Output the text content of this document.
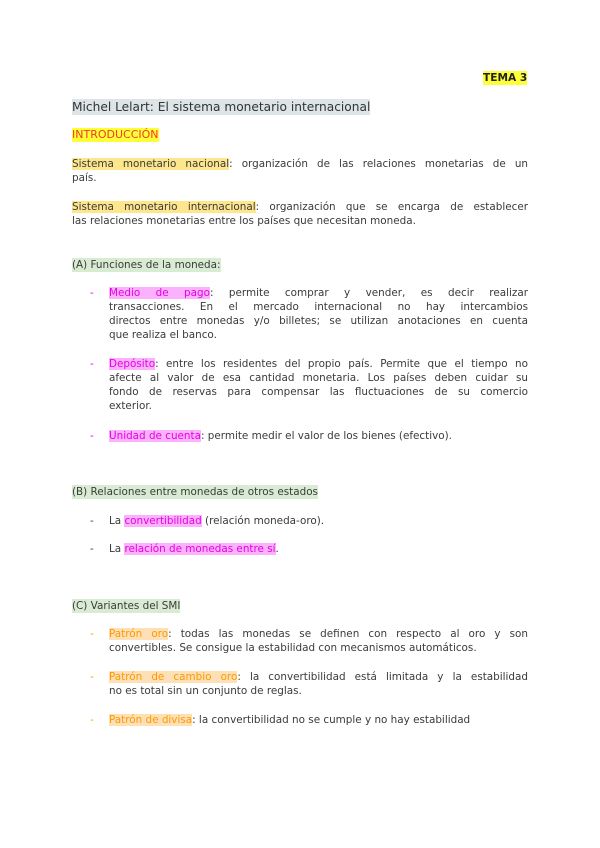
TEMA 3
Michel Lelart: El sistema monetario internacional
INTRODUCCIÓN

Sistema monetario nacional: organización de las relaciones monetarias de un

país.

Sistema monetario internacional: organización que se encarga de establecer

las relaciones monetarias entre los países que necesitan moneda.

(A) Funciones de la moneda:
- Medio de pago: permite comprar y vender, es decir realizar

transacciones. En el mercado internacional no hay intercambios

directos entre monedas y/o billetes; se utilizan anotaciones en cuenta

que realiza el banco.

- Depósito: entre los residentes del propio país. Permite que el tiempo no

afecte al valor de esa cantidad monetaria. Los países deben cuidar su

fondo de reservas para compensar las fluctuaciones de su comercio

exterior.

- Unidad de cuenta: permite medir el valor de los bienes (efectivo).

(B) Relaciones entre monedas de otros estados
- La convertibilidad (relación moneda-oro).
- La relación de monedas entre sí.
(C) Variantes del SMI
- Patrón oro: todas las monedas se definen con respecto al oro y son

convertibles. Se consigue la estabilidad con mecanismos automáticos.

- Patrón de cambio oro: la convertibilidad está limitada y la estabilidad

no es total sin un conjunto de reglas.

- Patrón de divisa: la convertibilidad no se cumple y no hay estabilidad
